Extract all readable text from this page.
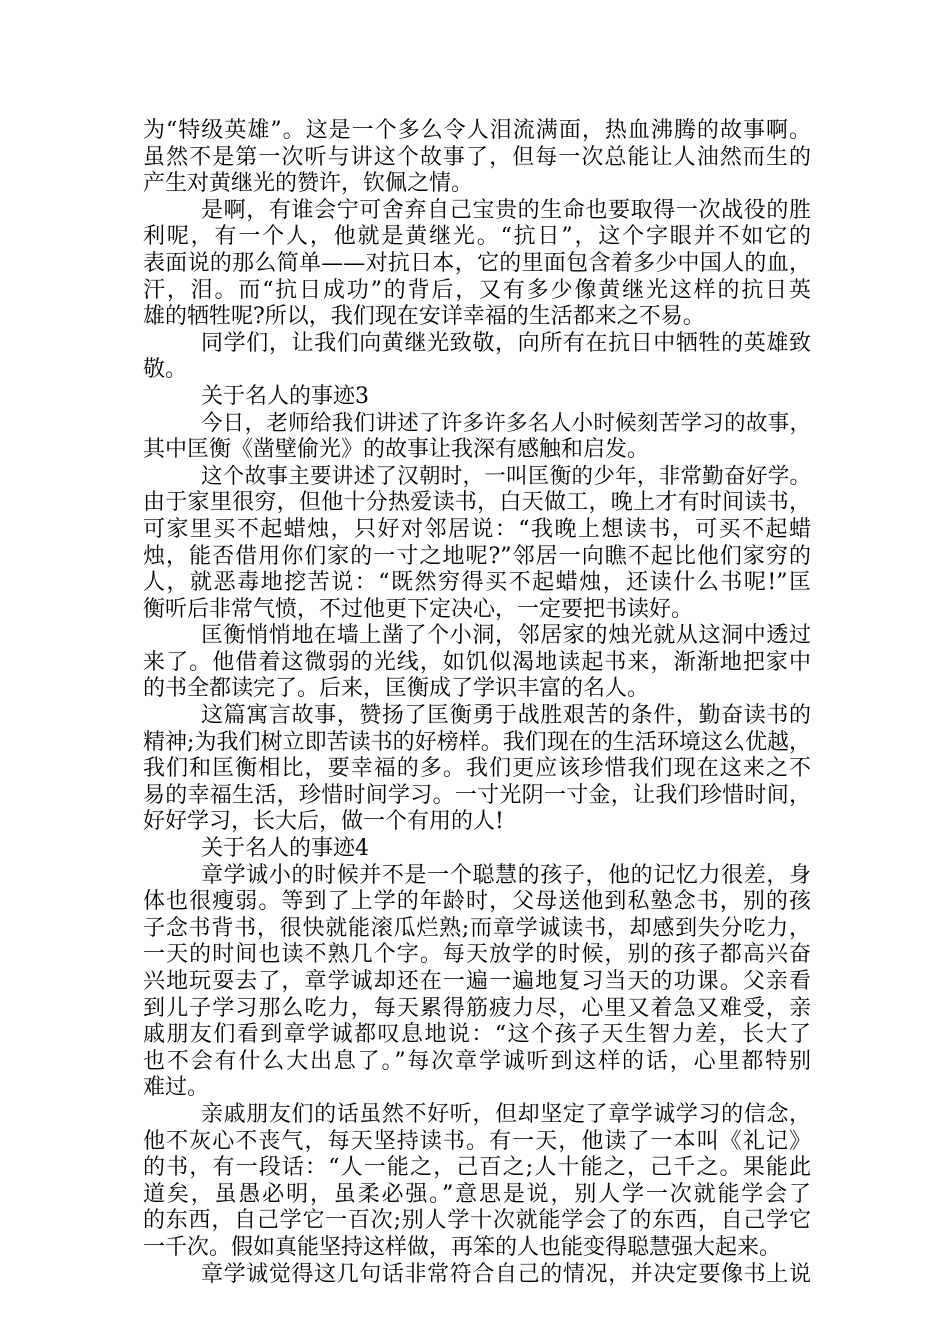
为“特级英雄”。这是一个多么令人泪流满面，热血沸腾的故事啊。
虽然不是第一次听与讲这个故事了，但每一次总能让人油然而生的
产生对黄继光的赞许，钦佩之情。
是啊，有谁会宁可舍弃自己宝贵的生命也要取得一次战役的胜
利呢，有一个人，他就是黄继光。“抗日”，这个字眼并不如它的
表面说的那么简单——对抗日本，它的里面包含着多少中国人的血，
汗，泪。而“抗日成功”的背后，又有多少像黄继光这样的抗日英
雄的牺牲呢?所以，我们现在安详幸福的生活都来之不易。
同学们，让我们向黄继光致敬，向所有在抗日中牺牲的英雄致
敬。
关于名人的事迹3
今日，老师给我们讲述了许多许多名人小时候刻苦学习的故事，
其中匡衡《凿壁偷光》的故事让我深有感触和启发。
这个故事主要讲述了汉朝时，一叫匡衡的少年，非常勤奋好学。
由于家里很穷，但他十分热爱读书，白天做工，晚上才有时间读书，
可家里买不起蜡烛，只好对邻居说：“我晚上想读书，可买不起蜡
烛，能否借用你们家的一寸之地呢?”邻居一向瞧不起比他们家穷的
人，就恶毒地挖苦说：“既然穷得买不起蜡烛，还读什么书呢!”匡
衡听后非常气愤，不过他更下定决心，一定要把书读好。
匡衡悄悄地在墙上凿了个小洞，邻居家的烛光就从这洞中透过
来了。他借着这微弱的光线，如饥似渴地读起书来，渐渐地把家中
的书全都读完了。后来，匡衡成了学识丰富的名人。
这篇寓言故事，赞扬了匡衡勇于战胜艰苦的条件，勤奋读书的
精神;为我们树立即苦读书的好榜样。我们现在的生活环境这么优越，
我们和匡衡相比，要幸福的多。我们更应该珍惜我们现在这来之不
易的幸福生活，珍惜时间学习。一寸光阴一寸金，让我们珍惜时间，
好好学习，长大后，做一个有用的人!
关于名人的事迹4
章学诚小的时候并不是一个聪慧的孩子，他的记忆力很差，身
体也很瘦弱。等到了上学的年龄时，父母送他到私塾念书，别的孩
子念书背书，很快就能滚瓜烂熟;而章学诚读书，却感到失分吃力，
一天的时间也读不熟几个字。每天放学的时候，别的孩子都高兴奋
兴地玩耍去了，章学诚却还在一遍一遍地复习当天的功课。父亲看
到儿子学习那么吃力，每天累得筋疲力尽，心里又着急又难受，亲
戚朋友们看到章学诚都叹息地说：“这个孩子天生智力差，长大了
也不会有什么大出息了。”每次章学诚听到这样的话，心里都特别
难过。
亲戚朋友们的话虽然不好听，但却坚定了章学诚学习的信念，
他不灰心不丧气，每天坚持读书。有一天，他读了一本叫《礼记》
的书，有一段话：“人一能之，己百之;人十能之，己千之。果能此
道矣，虽愚必明，虽柔必强。”意思是说，别人学一次就能学会了
的东西，自己学它一百次;别人学十次就能学会了的东西，自己学它
一千次。假如真能坚持这样做，再笨的人也能变得聪慧强大起来。
章学诚觉得这几句话非常符合自己的情况，并决定要像书上说
